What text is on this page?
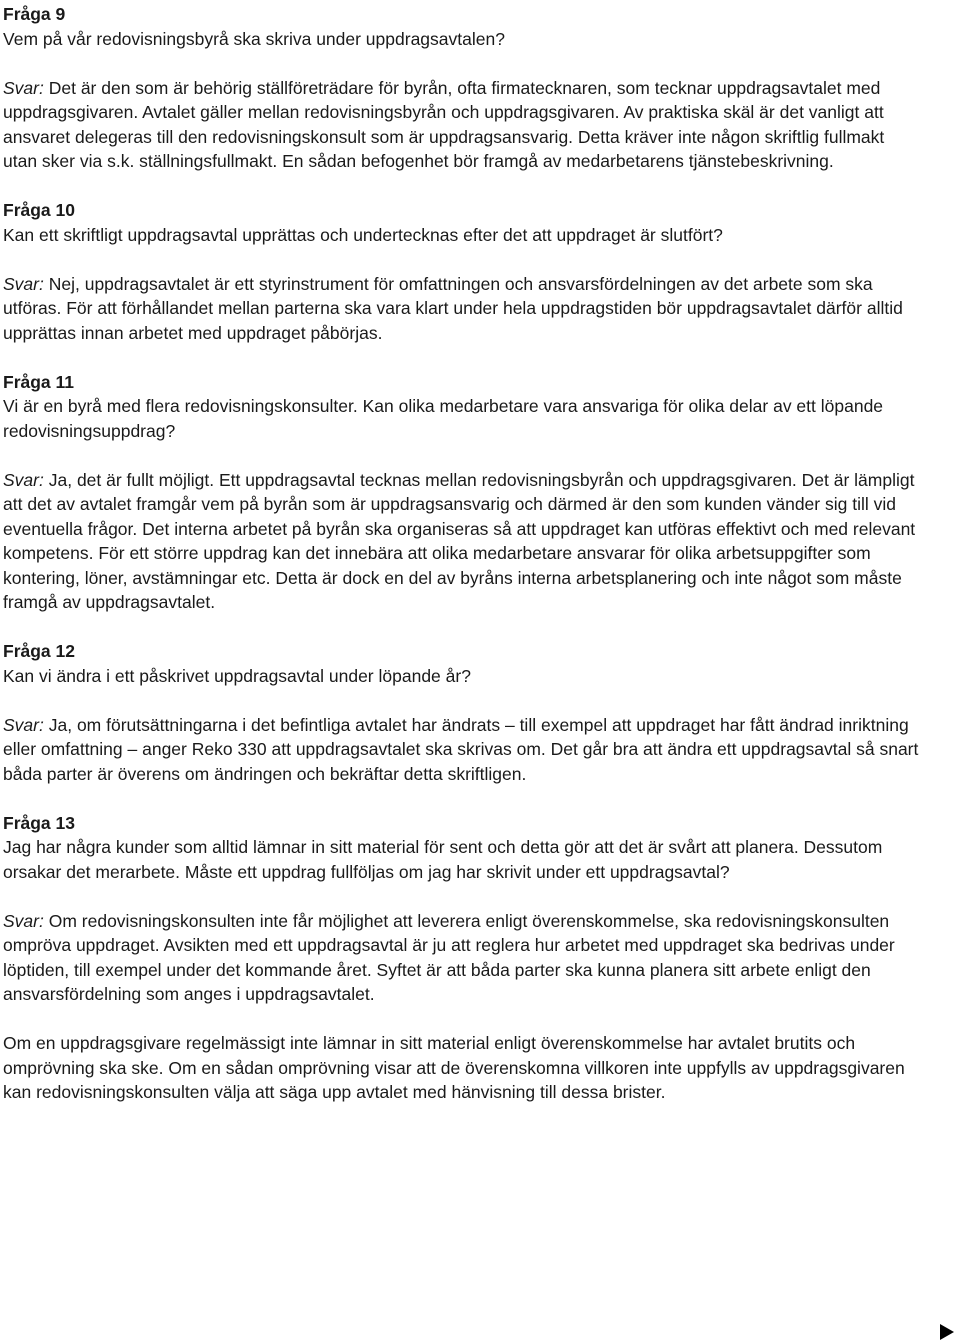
Fråga 9
Vem på vår redovisningsbyrå ska skriva under uppdragsavtalen?

Svar: Det är den som är behörig ställföreträdare för byrån, ofta firmatecknaren, som tecknar uppdragsavtalet med uppdragsgivaren. Avtalet gäller mellan redovisningsbyrån och uppdragsgivaren. Av praktiska skäl är det vanligt att ansvaret delegeras till den redovisningskonsult som är uppdragsansvarig. Detta kräver inte någon skriftlig fullmakt utan sker via s.k. ställningsfullmakt. En sådan befogenhet bör framgå av medarbetarens tjänstebeskrivning.

Fråga 10
Kan ett skriftligt uppdragsavtal upprättas och undertecknas efter det att uppdraget är slutfört?

Svar: Nej, uppdragsavtalet är ett styrinstrument för omfattningen och ansvarsfördelningen av det arbete som ska utföras. För att förhållandet mellan parterna ska vara klart under hela uppdragstiden bör uppdragsavtalet därför alltid upprättas innan arbetet med uppdraget påbörjas.

Fråga 11
Vi är en byrå med flera redovisningskonsulter. Kan olika medarbetare vara ansvariga för olika delar av ett löpande redovisningsuppdrag?

Svar: Ja, det är fullt möjligt. Ett uppdragsavtal tecknas mellan redovisningsbyrån och uppdragsgivaren. Det är lämpligt att det av avtalet framgår vem på byrån som är uppdragsansvarig och därmed är den som kunden vänder sig till vid eventuella frågor. Det interna arbetet på byrån ska organiseras så att uppdraget kan utföras effektivt och med relevant kompetens. För ett större uppdrag kan det innebära att olika medarbetare ansvarar för olika arbetsuppgifter som kontering, löner, avstämningar etc. Detta är dock en del av byråns interna arbetsplanering och inte något som måste framgå av uppdragsavtalet.

Fråga 12
Kan vi ändra i ett påskrivet uppdragsavtal under löpande år?

Svar: Ja, om förutsättningarna i det befintliga avtalet har ändrats – till exempel att uppdraget har fått ändrad inriktning eller omfattning – anger Reko 330 att uppdragsavtalet ska skrivas om. Det går bra att ändra ett uppdragsavtal så snart båda parter är överens om ändringen och bekräftar detta skriftligen.

Fråga 13
Jag har några kunder som alltid lämnar in sitt material för sent och detta gör att det är svårt att planera. Dessutom orsakar det merarbete. Måste ett uppdrag fullföljas om jag har skrivit under ett uppdragsavtal?

Svar: Om redovisningskonsulten inte får möjlighet att leverera enligt överenskommelse, ska redovisningskonsulten ompröva uppdraget. Avsikten med ett uppdragsavtal är ju att reglera hur arbetet med uppdraget ska bedrivas under löptiden, till exempel under det kommande året. Syftet är att båda parter ska kunna planera sitt arbete enligt den ansvarsfördelning som anges i uppdragsavtalet.

Om en uppdragsgivare regelmässigt inte lämnar in sitt material enligt överenskommelse har avtalet brutits och omprövning ska ske. Om en sådan omprövning visar att de överenskomna villkoren inte uppfylls av uppdragsgivaren kan redovisningskonsulten välja att säga upp avtalet med hänvisning till dessa brister.
